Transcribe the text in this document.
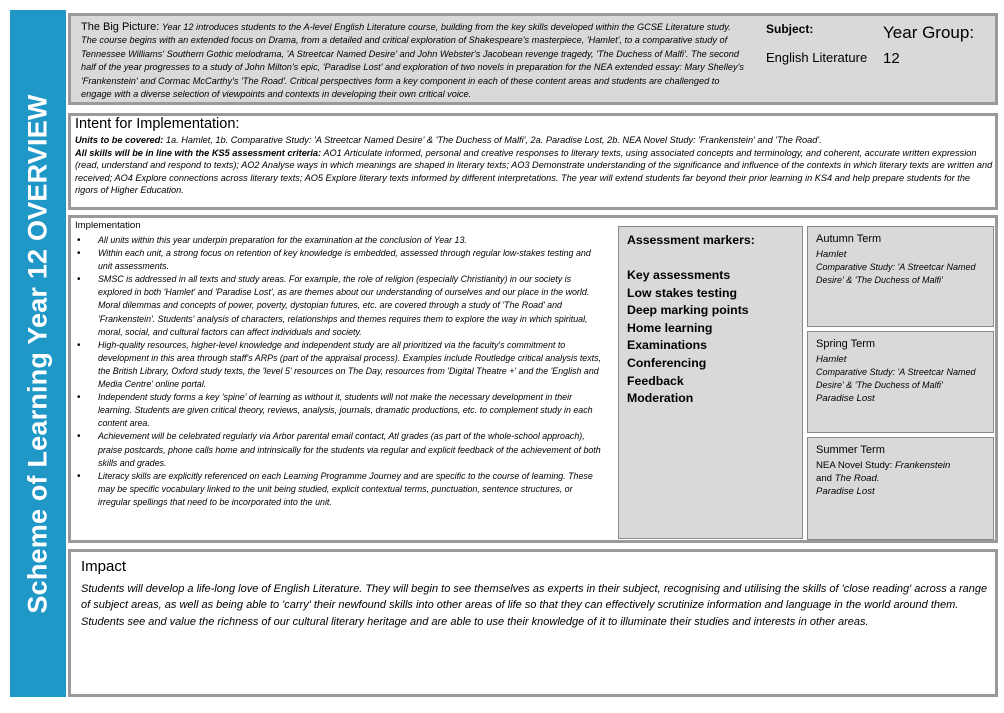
Scheme of Learning Year 12 OVERVIEW
The Big Picture: Year 12 introduces students to the A-level English Literature course, building from the key skills developed within the GCSE Literature study. The course begins with an extended focus on Drama, from a detailed and critical exploration of Shakespeare's masterpiece, 'Hamlet', to a comparative study of Tennessee Williams' Southern Gothic melodrama, 'A Streetcar Named Desire' and John Webster's Jacobean revenge tragedy, 'The Duchess of Malfi'. The second half of the year progresses to a study of John Milton's epic, 'Paradise Lost' and exploration of two novels in preparation for the NEA extended essay: Mary Shelley's 'Frankenstein' and Cormac McCarthy's 'The Road'. Critical perspectives form a key component in each of these content areas and students are challenged to engage with a diverse selection of viewpoints and contexts in developing their own critical voice.
Subject:
English Literature
Year Group:
12
Intent for Implementation:
Units to be covered: 1a. Hamlet, 1b. Comparative Study: 'A Streetcar Named Desire' & 'The Duchess of Malfi', 2a. Paradise Lost, 2b. NEA Novel Study: 'Frankenstein' and 'The Road'.
All skills will be in line with the KS5 assessment criteria: AO1 Articulate informed, personal and creative responses to literary texts, using associated concepts and terminology, and coherent, accurate written expression (read, understand and respond to texts); AO2 Analyse ways in which meanings are shaped in literary texts; AO3 Demonstrate understanding of the significance and influence of the contexts in which literary texts are written and received; AO4 Explore connections across literary texts; AO5 Explore literary texts informed by different interpretations. The year will extend students far beyond their prior learning in KS4 and help prepare students for the rigors of Higher Education.
Implementation
• All units within this year underpin preparation for the examination at the conclusion of Year 13.
• Within each unit, a strong focus on retention of key knowledge is embedded, assessed through regular low-stakes testing and unit assessments.
• SMSC is addressed in all texts and study areas. For example, the role of religion (especially Christianity) in our society is explored in both 'Hamlet' and 'Paradise Lost', as are themes about our understanding of ourselves and our place in the world. Moral dilemmas and concepts of power, poverty, dystopian futures, etc. are covered through a study of 'The Road' and 'Frankenstein'. Students' analysis of characters, relationships and themes requires them to explore the way in which spiritual, moral, social, and cultural factors can affect individuals and society.
• High-quality resources, higher-level knowledge and independent study are all prioritized via the faculty's commitment to development in this area through staff's ARPs (part of the appraisal process). Examples include Routledge critical analysis texts, the British Library, Oxford study texts, the 'level 5' resources on The Day, resources from 'Digital Theatre +' and the 'English and Media Centre' online portal.
• Independent study forms a key 'spine' of learning as without it, students will not make the necessary development in their learning. Students are given critical theory, reviews, analysis, journals, dramatic productions, etc. to complement study in each content area.
• Achievement will be celebrated regularly via Arbor parental email contact, Atl grades (as part of the whole-school approach), praise postcards, phone calls home and intrinsically for the students via regular and explicit feedback of the achievement of both skills and grades.
• Literacy skills are explicitly referenced on each Learning Programme Journey and are specific to the course of learning. These may be specific vocabulary linked to the unit being studied, explicit contextual terms, punctuation, sentence structures, or irregular spellings that need to be incorporated into the unit.
Assessment markers:
Key assessments
Low stakes testing
Deep marking points
Home learning
Examinations
Conferencing
Feedback
Moderation
Autumn Term
Hamlet
Comparative Study: 'A Streetcar Named Desire' & 'The Duchess of Malfi'
Spring Term
Hamlet
Comparative Study: 'A Streetcar Named Desire' & 'The Duchess of Malfi'
Paradise Lost
Summer Term
NEA Novel Study: Frankenstein
and The Road.
Paradise Lost
Impact
Students will develop a life-long love of English Literature. They will begin to see themselves as experts in their subject, recognising and utilising the skills of 'close reading' across a range of subject areas, as well as being able to 'carry' their newfound skills into other areas of life so that they can effectively scrutinize information and language in the world around them. Students see and value the richness of our cultural literary heritage and are able to use their knowledge of it to illuminate their studies and interests in other areas.
